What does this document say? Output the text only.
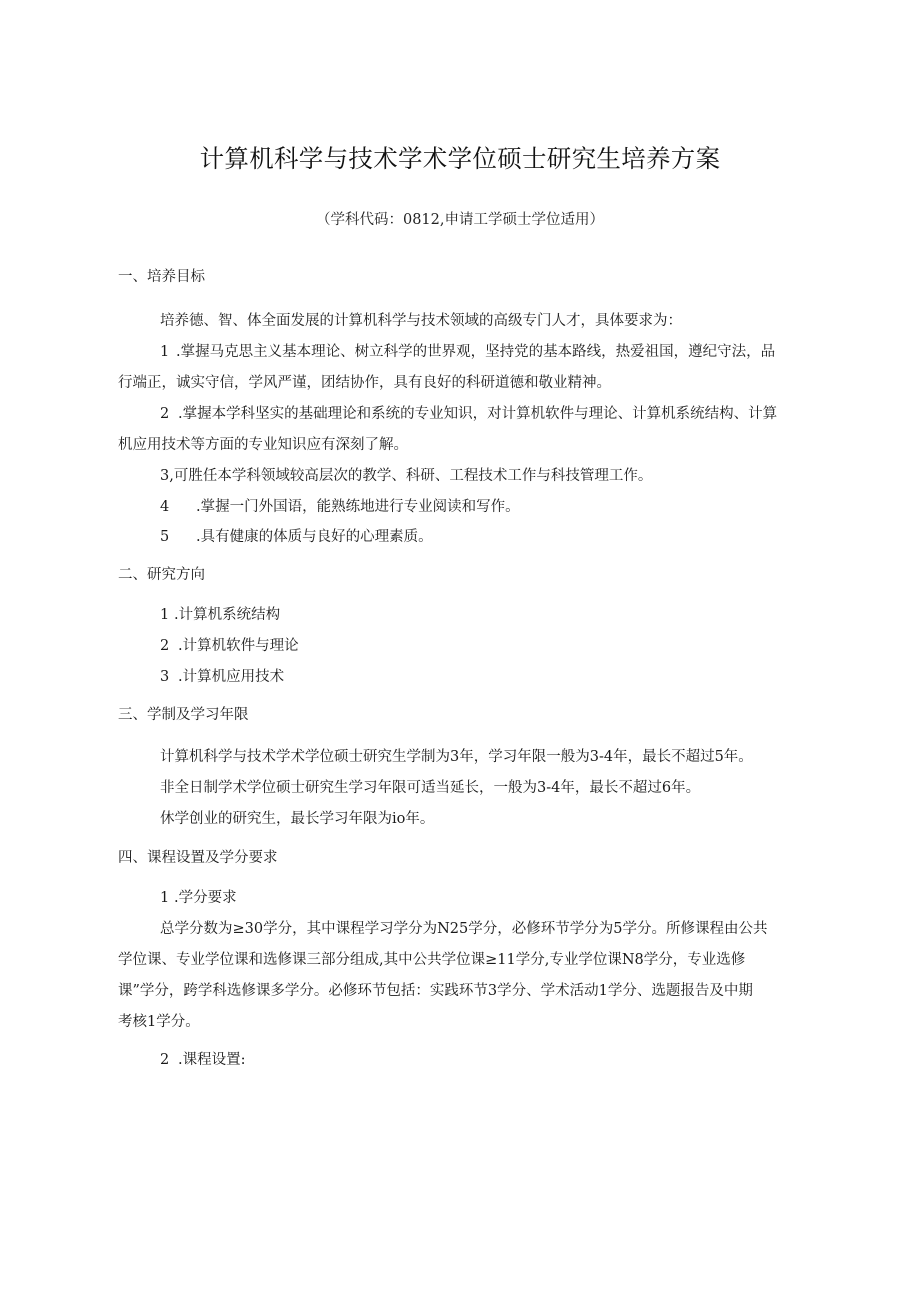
计算机科学与技术学术学位硕士研究生培养方案
（学科代码：0812,申请工学硕士学位适用）
一、培养目标
培养德、智、体全面发展的计算机科学与技术领域的高级专门人才，具体要求为：
1 .掌握马克思主义基本理论、树立科学的世界观，坚持党的基本路线，热爱祖国，遵纪守法，品
行端正，诚实守信，学风严谨，团结协作，具有良好的科研道德和敬业精神。
2 .掌握本学科坚实的基础理论和系统的专业知识，对计算机软件与理论、计算机系统结构、计算
机应用技术等方面的专业知识应有深刻了解。
3,可胜任本学科领域较高层次的教学、科研、工程技术工作与科技管理工作。
4 .掌握一门外国语，能熟练地进行专业阅读和写作。
5 .具有健康的体质与良好的心理素质。
二、研究方向
1 .计算机系统结构
2 .计算机软件与理论
3 .计算机应用技术
三、学制及学习年限
计算机科学与技术学术学位硕士研究生学制为3年，学习年限一般为3-4年，最长不超过5年。
非全日制学术学位硕士研究生学习年限可适当延长，一般为3-4年，最长不超过6年。
休学创业的研究生，最长学习年限为io年。
四、课程设置及学分要求
1 .学分要求
总学分数为≥30学分，其中课程学习学分为N25学分，必修环节学分为5学分。所修课程由公共
学位课、专业学位课和选修课三部分组成,其中公共学位课≥11学分,专业学位课N8学分，专业选修
课”学分，跨学科选修课多学分。必修环节包括：实践环节3学分、学术活动1学分、选题报告及中期
考核1学分。
2 .课程设置:
